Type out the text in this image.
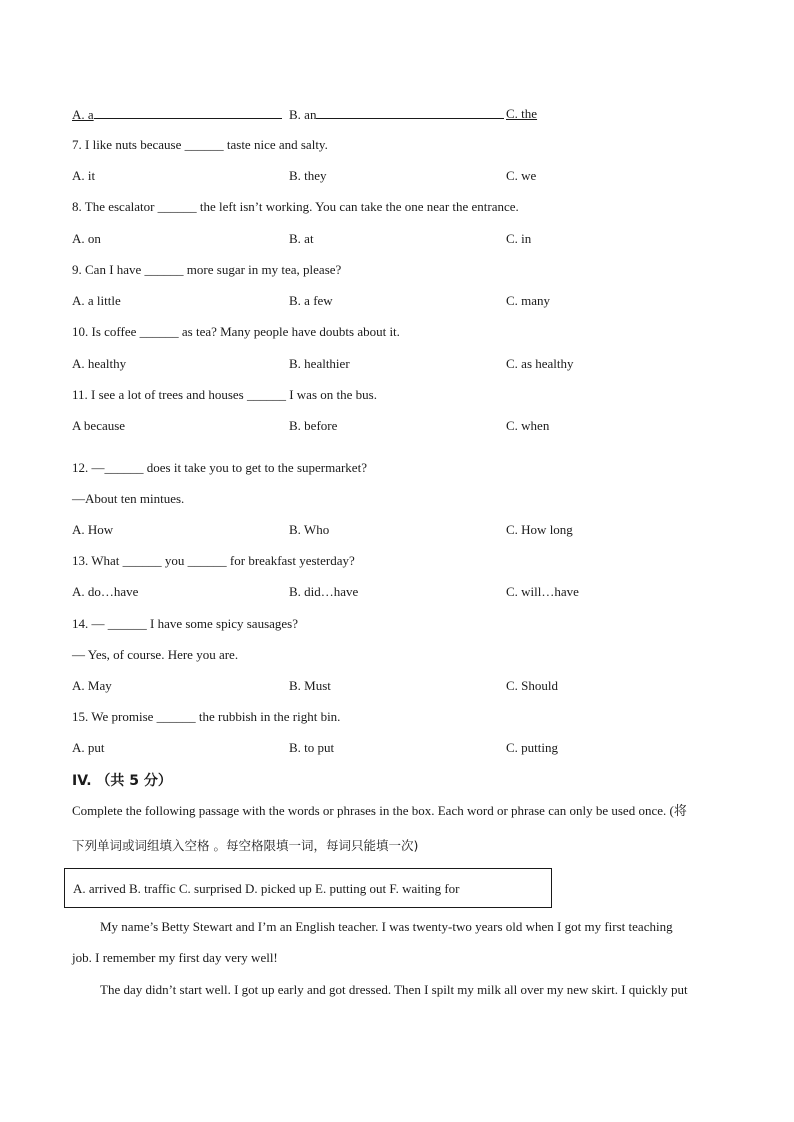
A. a	B. an	C. the
7. I like nuts because ______ taste nice and salty.
A. it	B. they	C. we
8. The escalator ______ the left isn’t working. You can take the one near the entrance.
A. on	B. at	C. in
9. Can I have ______ more sugar in my tea, please?
A. a little	B. a few	C. many
10. Is coffee ______ as tea? Many people have doubts about it.
A. healthy	B. healthier	C. as healthy
11. I see a lot of trees and houses ______ I was on the bus.
A because	B. before	C. when
12. —______ does it take you to get to the supermarket?
—About ten mintues.
A. How	B. Who	C. How long
13. What ______ you ______ for breakfast yesterday?
A. do…have	B. did…have	C. will…have
14. — ______ I have some spicy sausages?
— Yes, of course. Here you are.
A. May	B. Must	C. Should
15. We promise ______ the rubbish in the right bin.
A. put	B. to put	C. putting
IV. （共 5 分）
Complete the following passage with the words or phrases in the box. Each word or phrase can only be used once. (将
下列单词或词组填入空格 。每空格限填一词，每词只能填一次)
A. arrived B. traffic C. surprised D. picked up E. putting out F. waiting for
My name’s Betty Stewart and I’m an English teacher. I was twenty-two years old when I got my first teaching
job. I remember my first day very well!
The day didn’t start well. I got up early and got dressed. Then I spilt my milk all over my new skirt. I quickly put
